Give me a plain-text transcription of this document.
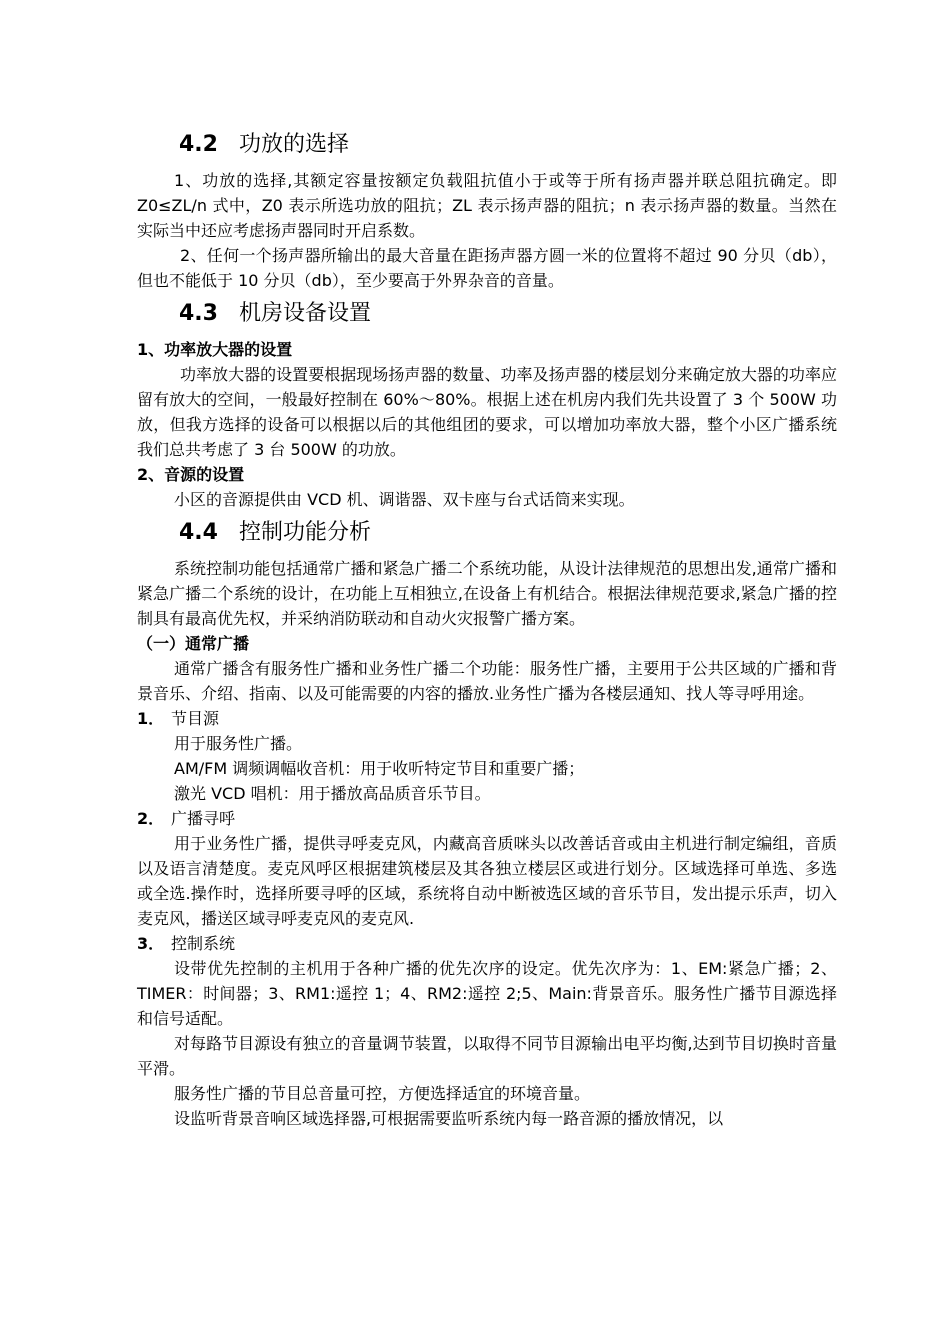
4.2 功放的选择

1、功放的选择,其额定容量按额定负载阻抗值小于或等于所有扬声器并联总阻抗确定。即 Z0≤ZL/n 式中，Z0 表示所选功放的阻抗；ZL 表示扬声器的阻抗；n 表示扬声器的数量。当然在实际当中还应考虑扬声器同时开启系数。

2、任何一个扬声器所输出的最大音量在距扬声器方圆一米的位置将不超过 90 分贝（db），但也不能低于 10 分贝（db），至少要高于外界杂音的音量。

4.3 机房设备设置

1、功率放大器的设置

功率放大器的设置要根据现场扬声器的数量、功率及扬声器的楼层划分来确定放大器的功率应留有放大的空间，一般最好控制在 60%～80%。根据上述在机房内我们先共设置了 3 个 500W 功放，但我方选择的设备可以根据以后的其他组团的要求，可以增加功率放大器，整个小区广播系统我们总共考虑了 3 台 500W 的功放。

2、音源的设置

小区的音源提供由 VCD 机、调谐器、双卡座与台式话筒来实现。

4.4 控制功能分析

系统控制功能包括通常广播和紧急广播二个系统功能，从设计法律规范的思想出发,通常广播和紧急广播二个系统的设计，在功能上互相独立,在设备上有机结合。根据法律规范要求,紧急广播的控制具有最高优先权，并采纳消防联动和自动火灾报警广播方案。

（一）通常广播

通常广播含有服务性广播和业务性广播二个功能：服务性广播，主要用于公共区域的广播和背景音乐、介绍、指南、以及可能需要的内容的播放.业务性广播为各楼层通知、找人等寻呼用途。

1． 节目源

用于服务性广播。

AM/FM 调频调幅收音机：用于收听特定节目和重要广播；

激光 VCD 唱机：用于播放高品质音乐节目。

2． 广播寻呼

用于业务性广播，提供寻呼麦克风，内藏高音质咪头以改善话音或由主机进行制定编组，音质以及语言清楚度。麦克风呼区根据建筑楼层及其各独立楼层区或进行划分。区域选择可单选、多选或全选.操作时，选择所要寻呼的区域，系统将自动中断被选区域的音乐节目，发出提示乐声，切入麦克风，播送区域寻呼麦克风的麦克风.

3． 控制系统

设带优先控制的主机用于各种广播的优先次序的设定。优先次序为：1、EM:紧急广播；2、TIMER：时间器；3、RM1:遥控 1；4、RM2:遥控 2;5、Main:背景音乐。服务性广播节目源选择和信号适配。

对每路节目源设有独立的音量调节装置，以取得不同节目源输出电平均衡,达到节目切换时音量平滑。

服务性广播的节目总音量可控，方便选择适宜的环境音量。

设监听背景音响区域选择器,可根据需要监听系统内每一路音源的播放情况，以
